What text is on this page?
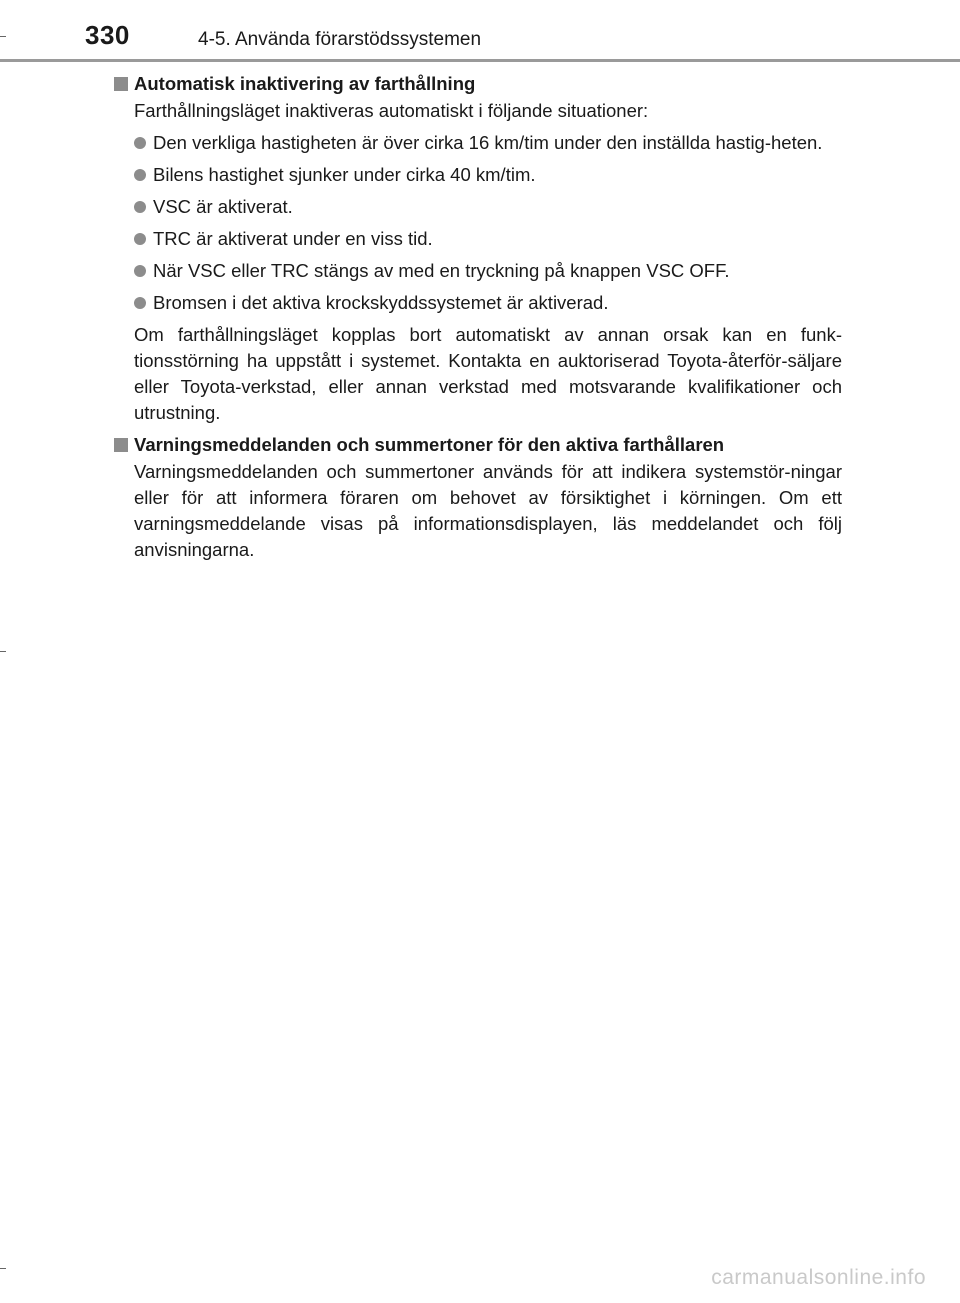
330	4-5. Använda förarstödssystemen
Automatisk inaktivering av farthållning
Farthållningsläget inaktiveras automatiskt i följande situationer:
Den verkliga hastigheten är över cirka 16 km/tim under den inställda hastig-heten.
Bilens hastighet sjunker under cirka 40 km/tim.
VSC är aktiverat.
TRC är aktiverat under en viss tid.
När VSC eller TRC stängs av med en tryckning på knappen VSC OFF.
Bromsen i det aktiva krockskyddssystemet är aktiverad.
Om farthållningsläget kopplas bort automatiskt av annan orsak kan en funk-tionsstörning ha uppstått i systemet. Kontakta en auktoriserad Toyota-återför-säljare eller Toyota-verkstad, eller annan verkstad med motsvarande kvalifikationer och utrustning.
Varningsmeddelanden och summertoner för den aktiva farthållaren
Varningsmeddelanden och summertoner används för att indikera systemstör-ningar eller för att informera föraren om behovet av försiktighet i körningen. Om ett varningsmeddelande visas på informationsdisplayen, läs meddelandet och följ anvisningarna.
carmanualsonline.info
